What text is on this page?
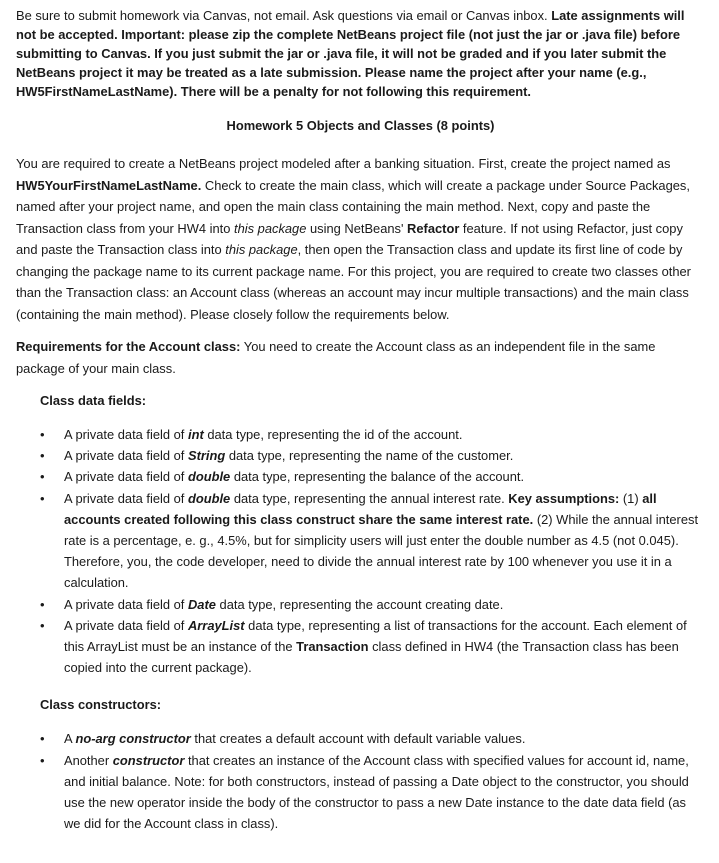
Be sure to submit homework via Canvas, not email. Ask questions via email or Canvas inbox. Late assignments will not be accepted. Important: please zip the complete NetBeans project file (not just the jar or .java file) before submitting to Canvas. If you just submit the jar or .java file, it will not be graded and if you later submit the NetBeans project it may be treated as a late submission. Please name the project after your name (e.g., HW5FirstNameLastName). There will be a penalty for not following this requirement.

Homework 5 Objects and Classes (8 points)

You are required to create a NetBeans project modeled after a banking situation. First, create the project named as HW5YourFirstNameLastName. Check to create the main class, which will create a package under Source Packages, named after your project name, and open the main class containing the main method. Next, copy and paste the Transaction class from your HW4 into this package using NetBeans' Refactor feature. If not using Refactor, just copy and paste the Transaction class into this package, then open the Transaction class and update its first line of code by changing the package name to its current package name. For this project, you are required to create two classes other than the Transaction class: an Account class (whereas an account may incur multiple transactions) and the main class (containing the main method). Please closely follow the requirements below.

Requirements for the Account class: You need to create the Account class as an independent file in the same package of your main class.

Class data fields:

• A private data field of int data type, representing the id of the account.
• A private data field of String data type, representing the name of the customer.
• A private data field of double data type, representing the balance of the account.
• A private data field of double data type, representing the annual interest rate. Key assumptions: (1) all accounts created following this class construct share the same interest rate. (2) While the annual interest rate is a percentage, e. g., 4.5%, but for simplicity users will just enter the double number as 4.5 (not 0.045). Therefore, you, the code developer, need to divide the annual interest rate by 100 whenever you use it in a calculation.
• A private data field of Date data type, representing the account creating date.
• A private data field of ArrayList data type, representing a list of transactions for the account. Each element of this ArrayList must be an instance of the Transaction class defined in HW4 (the Transaction class has been copied into the current package).

Class constructors:

• A no-arg constructor that creates a default account with default variable values.
• Another constructor that creates an instance of the Account class with specified values for account id, name, and initial balance. Note: for both constructors, instead of passing a Date object to the constructor, you should use the new operator inside the body of the constructor to pass a new Date instance to the date data field (as we did for the Account class in class).
